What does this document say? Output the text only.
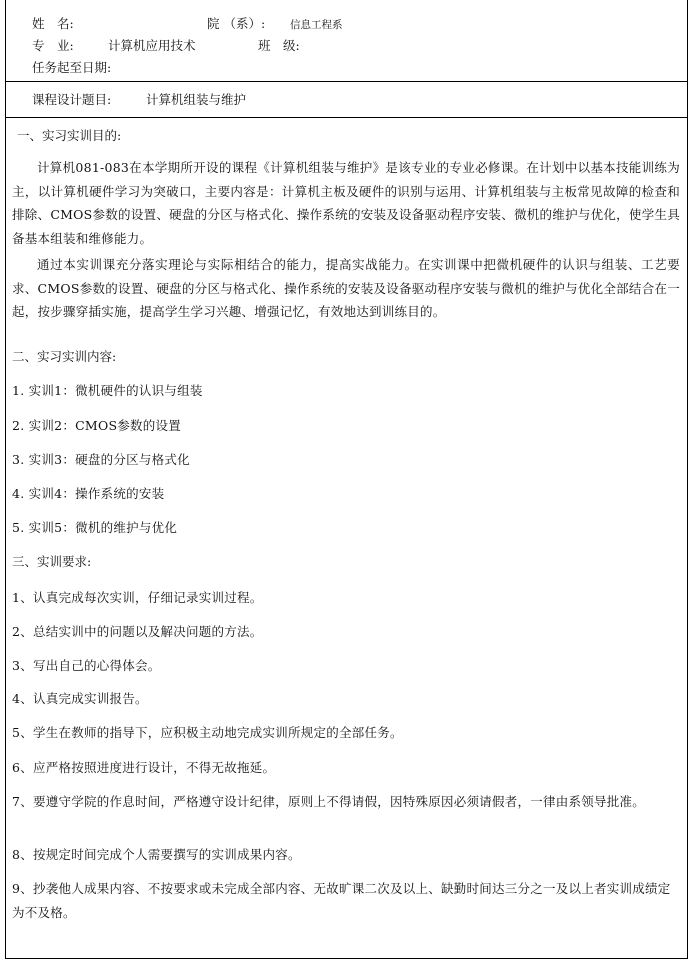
姓　名:	院 （系）: 信息工程系
专　业:	计算机应用技术	班　级:
任务起至日期:
课程设计题目:	计算机组装与维护
一、实习实训目的:
计算机081-083在本学期所开设的课程《计算机组装与维护》是该专业的专业必修课。在计划中以基本技能训练为主，以计算机硬件学习为突破口，主要内容是：计算机主板及硬件的识别与运用、计算机组装与主板常见故障的检查和排除、CMOS参数的设置、硬盘的分区与格式化、操作系统的安装及设备驱动程序安装、微机的维护与优化，使学生具备基本组装和维修能力。
通过本实训课充分落实理论与实际相结合的能力，提高实战能力。在实训课中把微机硬件的认识与组装、工艺要求、CMOS参数的设置、硬盘的分区与格式化、操作系统的安装及设备驱动程序安装与微机的维护与优化全部结合在一起，按步骤穿插实施，提高学生学习兴趣、增强记忆，有效地达到训练目的。
二、实习实训内容:
1. 实训1：微机硬件的认识与组装
2. 实训2：CMOS参数的设置
3. 实训3：硬盘的分区与格式化
4. 实训4：操作系统的安装
5. 实训5：微机的维护与优化
三、实训要求:
1、认真完成每次实训，仔细记录实训过程。
2、总结实训中的问题以及解决问题的方法。
3、写出自己的心得体会。
4、认真完成实训报告。
5、学生在教师的指导下，应积极主动地完成实训所规定的全部任务。
6、应严格按照进度进行设计，不得无故拖延。
7、要遵守学院的作息时间，严格遵守设计纪律，原则上不得请假，因特殊原因必须请假者，一律由系领导批准。
8、按规定时间完成个人需要撰写的实训成果内容。
9、抄袭他人成果内容、不按要求或未完成全部内容、无故旷课二次及以上、缺勤时间达三分之一及以上者实训成绩定为不及格。
